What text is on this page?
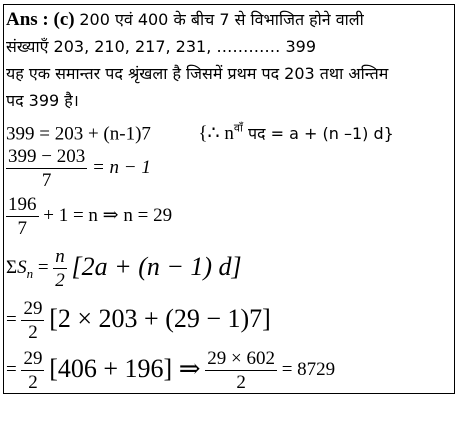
Ans : (c) 200 एवं 400 के बीच 7 से विभाजित होने वाली
संख्याएँ 203, 210, 217, 231, ………… 399
यह एक समान्तर पद श्रृंखला है जिसमें प्रथम पद 203 तथा अन्तिम
पद 399 है।
399 = 203 + (n-1)7	{∴ $n^{वाँ}$ पद = a + (n –1) d}
$\frac{399 - 203}{7} = n - 1$
$\frac{196}{7} + 1 = n$ ⇒ n = 29
$\Sigma S_n = \frac{n}{2} [2a + (n - 1)$ d]
= $\frac{29}{2} [2 \times 203 + (29 - 1)7]$
= $\frac{29}{2} [406 + 196]$ ⇒ $\frac{29 \times 602}{2} = 8729$
